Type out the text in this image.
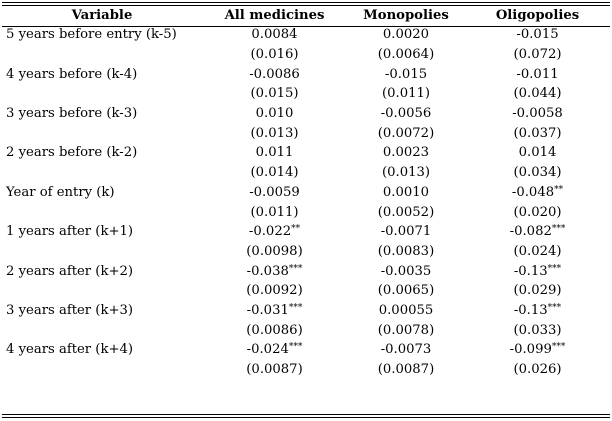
Variable	All medicines	Monopolies	Oligopolies
5 years before entry (k-5)	0.0084	0.0020	-0.015
	(0.016)	(0.0064)	(0.072)
4 years before (k-4)	-0.0086	-0.015	-0.011
	(0.015)	(0.011)	(0.044)
3 years before (k-3)	0.010	-0.0056	-0.0058
	(0.013)	(0.0072)	(0.037)
2 years before (k-2)	0.011	0.0023	0.014
	(0.014)	(0.013)	(0.034)
Year of entry (k)	-0.0059	0.0010	-0.048**
	(0.011)	(0.0052)	(0.020)
1 years after (k+1)	-0.022**	-0.0071	-0.082***
	(0.0098)	(0.0083)	(0.024)
2 years after (k+2)	-0.038***	-0.0035	-0.13***
	(0.0092)	(0.0065)	(0.029)
3 years after (k+3)	-0.031***	0.00055	-0.13***
	(0.0086)	(0.0078)	(0.033)
4 years after (k+4)	-0.024***	-0.0073	-0.099***
	(0.0087)	(0.0087)	(0.026)
